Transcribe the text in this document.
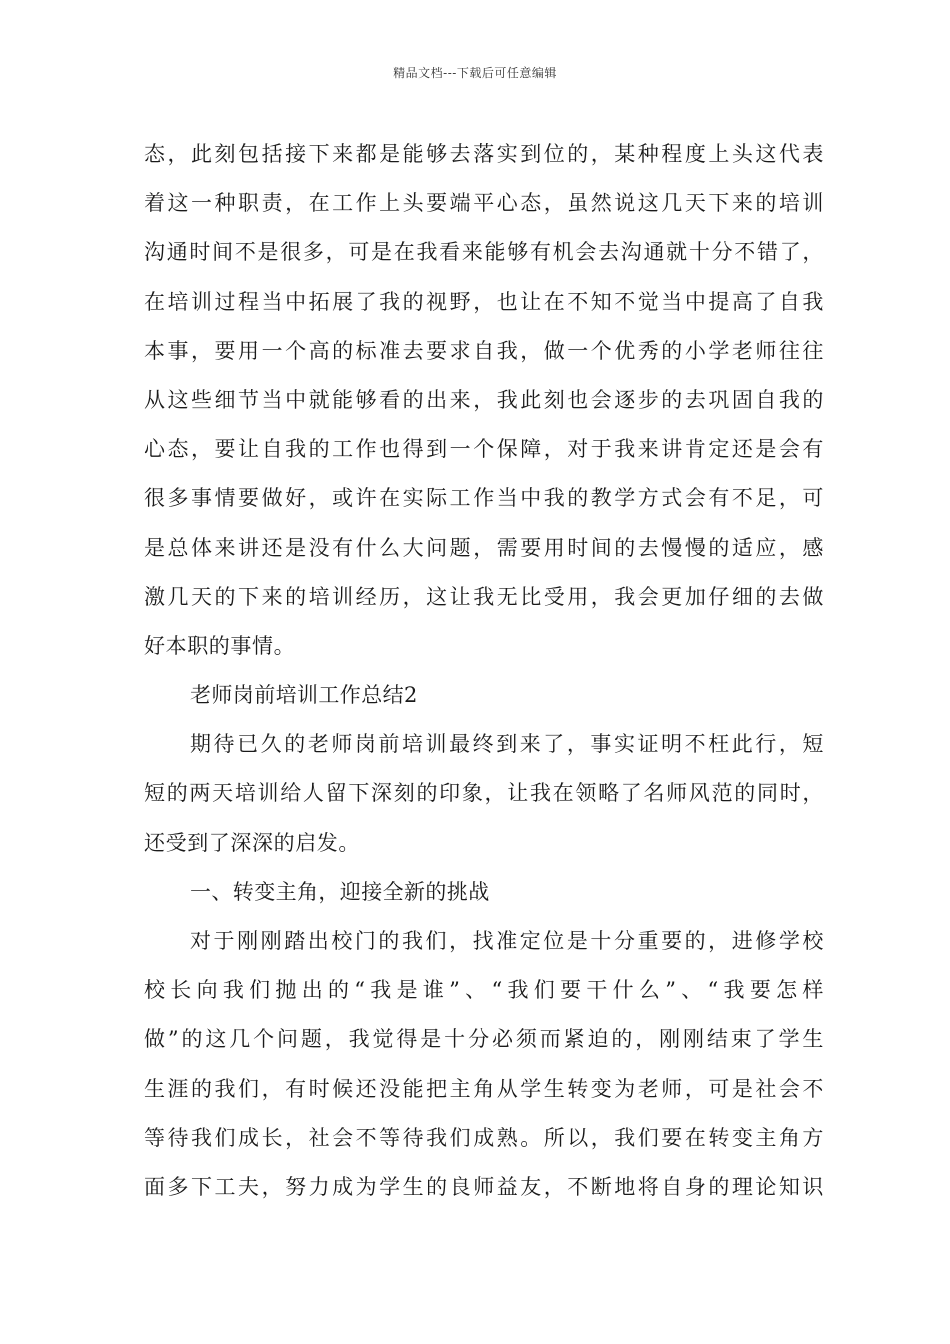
精品文档---下载后可任意编辑
态，此刻包括接下来都是能够去落实到位的，某种程度上头这代表
着这一种职责，在工作上头要端平心态，虽然说这几天下来的培训
沟通时间不是很多，可是在我看来能够有机会去沟通就十分不错了，
在培训过程当中拓展了我的视野，也让在不知不觉当中提高了自我
本事，要用一个高的标准去要求自我，做一个优秀的小学老师往往
从这些细节当中就能够看的出来，我此刻也会逐步的去巩固自我的
心态，要让自我的工作也得到一个保障，对于我来讲肯定还是会有
很多事情要做好，或许在实际工作当中我的教学方式会有不足，可
是总体来讲还是没有什么大问题，需要用时间的去慢慢的适应，感
激几天的下来的培训经历，这让我无比受用，我会更加仔细的去做
好本职的事情。
老师岗前培训工作总结2
期待已久的老师岗前培训最终到来了，事实证明不枉此行，短
短的两天培训给人留下深刻的印象，让我在领略了名师风范的同时，
还受到了深深的启发。
一、转变主角，迎接全新的挑战
对于刚刚踏出校门的我们，找准定位是十分重要的，进修学校
校长向我们抛出的“我是谁”、“我们要干什么”、“我要怎样
做”的这几个问题，我觉得是十分必须而紧迫的，刚刚结束了学生
生涯的我们，有时候还没能把主角从学生转变为老师，可是社会不
等待我们成长，社会不等待我们成熟。所以，我们要在转变主角方
面多下工夫，努力成为学生的良师益友，不断地将自身的理论知识
